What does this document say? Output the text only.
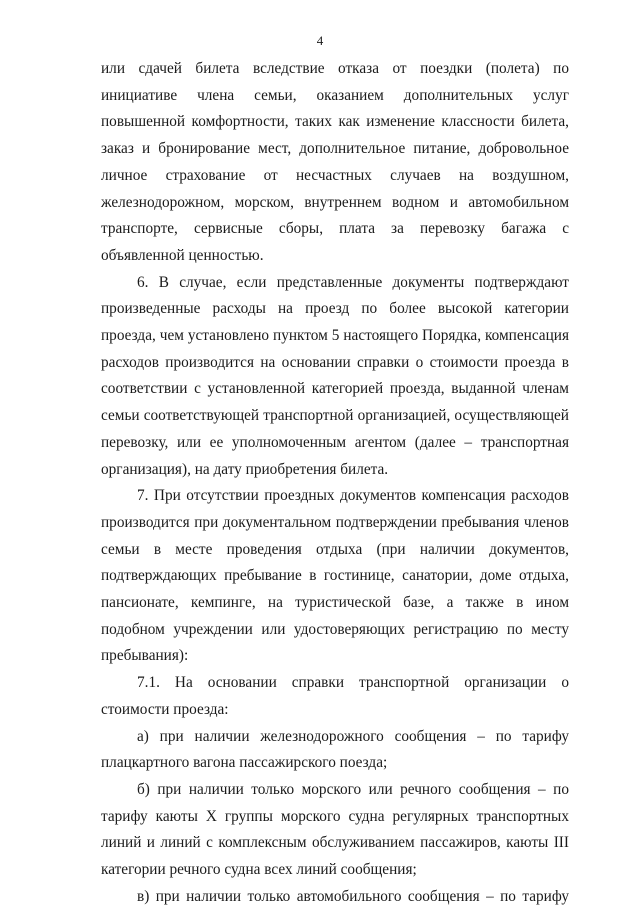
4

или сдачей билета вследствие отказа от поездки (полета) по инициативе члена семьи, оказанием дополнительных услуг повышенной комфортности, таких как изменение классности билета, заказ и бронирование мест, дополнительное питание, добровольное личное страхование от несчастных случаев на воздушном, железнодорожном, морском, внутреннем водном и автомобильном транспорте, сервисные сборы, плата за перевозку багажа с объявленной ценностью.

6. В случае, если представленные документы подтверждают произведенные расходы на проезд по более высокой категории проезда, чем установлено пунктом 5 настоящего Порядка, компенсация расходов производится на основании справки о стоимости проезда в соответствии с установленной категорией проезда, выданной членам семьи соответствующей транспортной организацией, осуществляющей перевозку, или ее уполномоченным агентом (далее – транспортная организация), на дату приобретения билета.

7. При отсутствии проездных документов компенсация расходов производится при документальном подтверждении пребывания членов семьи в месте проведения отдыха (при наличии документов, подтверждающих пребывание в гостинице, санатории, доме отдыха, пансионате, кемпинге, на туристической базе, а также в ином подобном учреждении или удостоверяющих регистрацию по месту пребывания):

7.1. На основании справки транспортной организации о стоимости проезда:

а) при наличии железнодорожного сообщения – по тарифу плацкартного вагона пассажирского поезда;

б) при наличии только морского или речного сообщения – по тарифу каюты X группы морского судна регулярных транспортных линий и линий с комплексным обслуживанием пассажиров, каюты III категории речного судна всех линий сообщения;

в) при наличии только автомобильного сообщения – по тарифу
